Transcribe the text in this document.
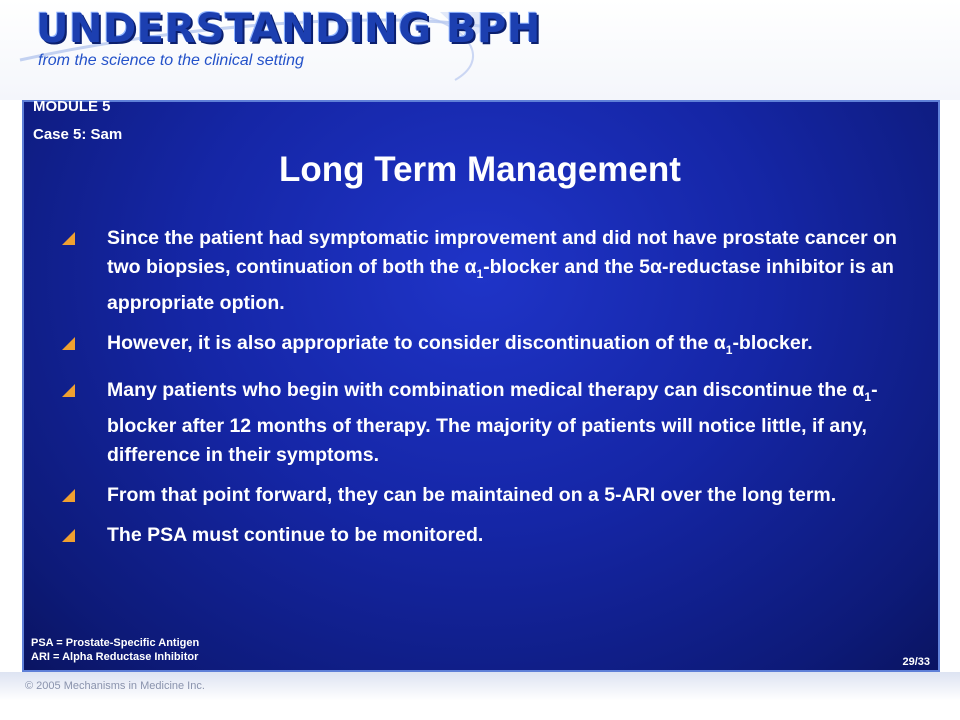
UNDERSTANDING BPH
from the science to the clinical setting
MODULE 5
Case 5: Sam
Long Term Management
Since the patient had symptomatic improvement and did not have prostate cancer on two biopsies, continuation of both the $\alpha_1$-blocker and the 5α-reductase inhibitor is an appropriate option.
However, it is also appropriate to consider discontinuation of the $\alpha_1$-blocker.
Many patients who begin with combination medical therapy can discontinue the $\alpha_1$-blocker after 12 months of therapy. The majority of patients will notice little, if any, difference in their symptoms.
From that point forward, they can be maintained on a 5-ARI over the long term.
The PSA must continue to be monitored.
PSA = Prostate-Specific Antigen
ARI = Alpha Reductase Inhibitor	29/33
© 2005 Mechanisms in Medicine Inc.
